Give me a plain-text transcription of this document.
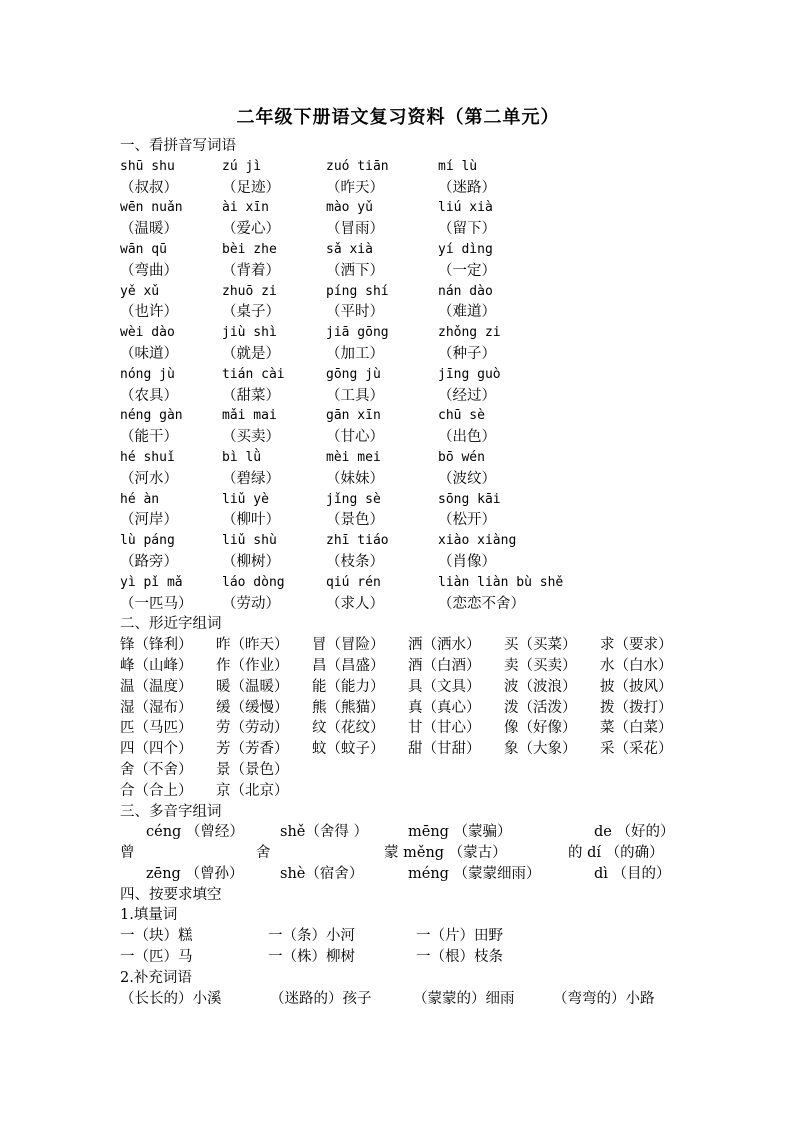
二年级下册语文复习资料（第二单元）
一、看拼音写词语
shū shu	zú jì	zuó tiān	mí lù
（叔叔）	（足迹）	（昨天）	（迷路）
wēn nuǎn	ài xīn	mào yǔ	liú xià
（温暖）	（爱心）	（冒雨）	（留下）
wān qū	bèi zhe	sǎ xià	yí dìng
（弯曲）	（背着）	（洒下）	（一定）
yě xǔ	zhuō zi	píng shí	nán dào
（也许）	（桌子）	（平时）	（难道）
wèi dào	jiù shì	jiā gōng	zhǒng zi
（味道）	（就是）	（加工）	（种子）
nóng jù	tián cài	gōng jù	jīng guò
（农具）	（甜菜）	（工具）	（经过）
néng gàn	mǎi mai	gān xīn	chū sè
（能干）	（买卖）	（甘心）	（出色）
hé shuǐ	bì lǜ	mèi mei	bō wén
（河水）	（碧绿）	（妹妹）	（波纹）
hé àn	liǔ yè	jǐng sè	sōng kāi
（河岸）	（柳叶）	（景色）	（松开）
lù páng	liǔ shù	zhī tiáo	xiào xiàng
（路旁）	（柳树）	（枝条）	（肖像）
yì pǐ mǎ	láo dòng	qiú rén	liàn liàn bù shě
（一匹马）	（劳动）	（求人）	（恋恋不舍）
二、形近字组词
锋（锋利）	昨（昨天）	冒（冒险）	洒（洒水）	买（买菜）	求（要求）
峰（山峰）	作（作业）	昌（昌盛）	酒（白酒）	卖（买卖）	水（白水）
温（温度）	暖（温暖）	能（能力）	具（文具）	波（波浪）	披（披风）
湿（湿布）	缓（缓慢）	熊（熊猫）	真（真心）	泼（活泼）	拨（拨打）
匹（马匹）	劳（劳动）	纹（花纹）	甘（甘心）	像（好像）	菜（白菜）
四（四个）	芳（芳香）	蚊（蚊子）	甜（甘甜）	象（大象）	采（采花）
舍（不舍）	景（景色）
合（合上）	京（北京）
三、多音字组词
céng （曾经） shě（舍得 ）	mēng （蒙骗）	de （好的）
曾	舍	蒙 měng （蒙古）	的 dí （的确）
zēng （曾孙）	shè（宿舍）	méng （蒙蒙细雨）	dì （目的）
四、按要求填空
1.填量词
一（块）糕	一（条）小河	一（片）田野
一（匹）马	一（株）柳树	一（根）枝条
2.补充词语
（长长的）小溪	（迷路的）孩子	（蒙蒙的）细雨	（弯弯的）小路
